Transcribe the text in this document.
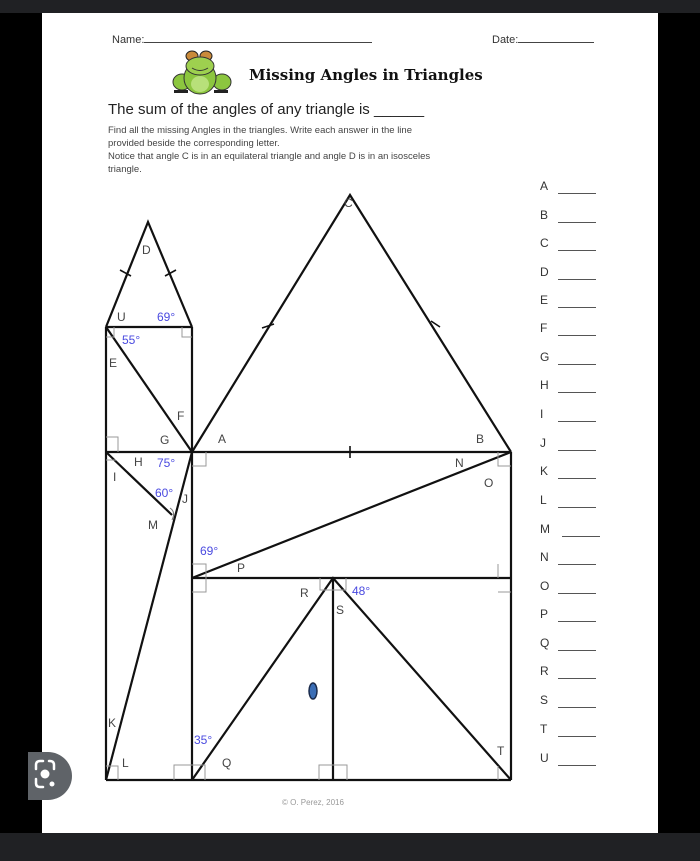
Name:	Date:
Missing Angles in Triangles
The sum of the angles of any triangle is ______
Find all the missing Angles in the triangles. Write each answer in the line
provided beside the corresponding letter.
Notice that angle C is in an equilateral triangle and angle D is in an isosceles
triangle.
© O. Perez, 2016
C
D
U
E
F
G	A	B
H
I
J
M
N
O
P
R
S
K
L	Q
T
69°
55°
75°
60°
69°
48°
35°
A
B
C
D
E
F
G
H
I
J
K
L
M
N
O
P
Q
R
S
T
U
